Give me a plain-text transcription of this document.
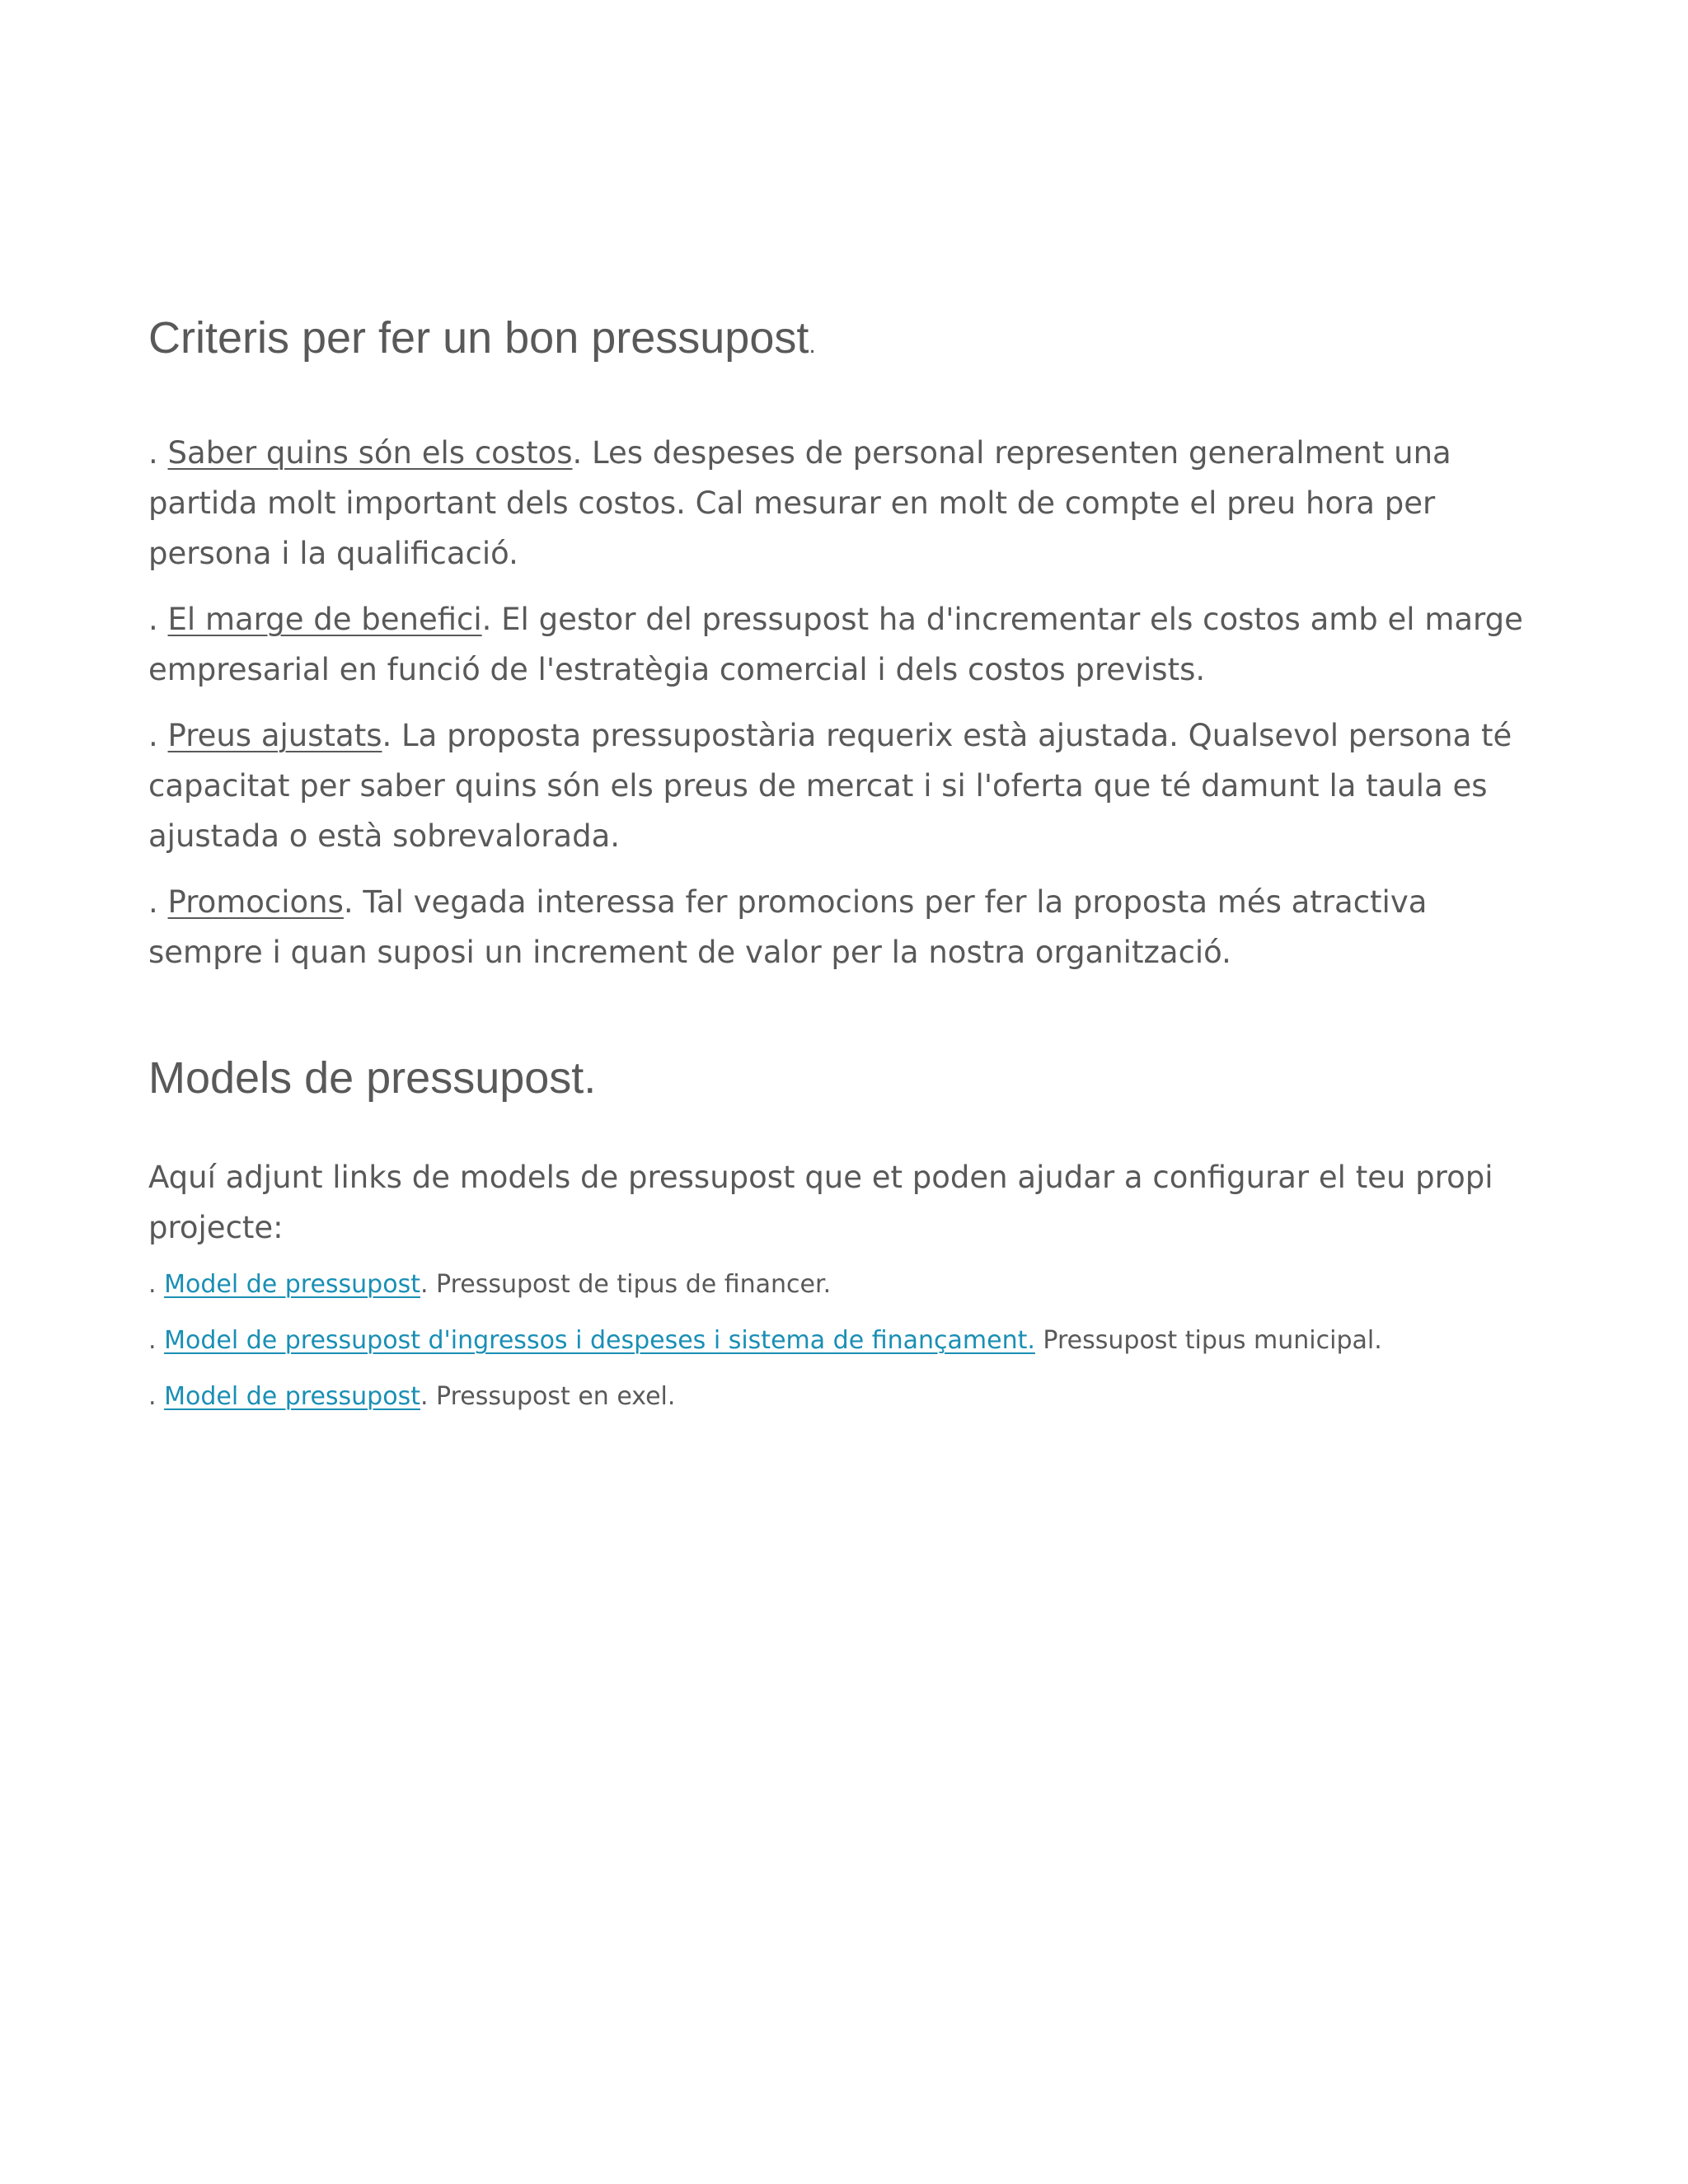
Criteris per fer un bon pressupost.

. Saber quins són els costos. Les despeses de personal representen generalment una partida molt important dels costos. Cal mesurar en molt de compte el preu hora per persona i la qualificació.

. El marge de benefici. El gestor del pressupost ha d'incrementar els costos amb el marge empresarial en funció de l'estratègia comercial i dels costos prevists.

. Preus ajustats. La proposta pressupostària requerix està ajustada. Qualsevol persona té capacitat per saber quins són els preus de mercat i si l'oferta que té damunt la taula es ajustada o està sobrevalorada.

. Promocions. Tal vegada interessa fer promocions per fer la proposta més atractiva sempre i quan suposi un increment de valor per la nostra organització.

Models de pressupost.

Aquí adjunt links de models de pressupost que et poden ajudar a configurar el teu propi projecte:

. Model de pressupost. Pressupost de tipus de financer.

. Model de pressupost d'ingressos i despeses i sistema de finançament. Pressupost tipus municipal.

. Model de pressupost. Pressupost en exel.
